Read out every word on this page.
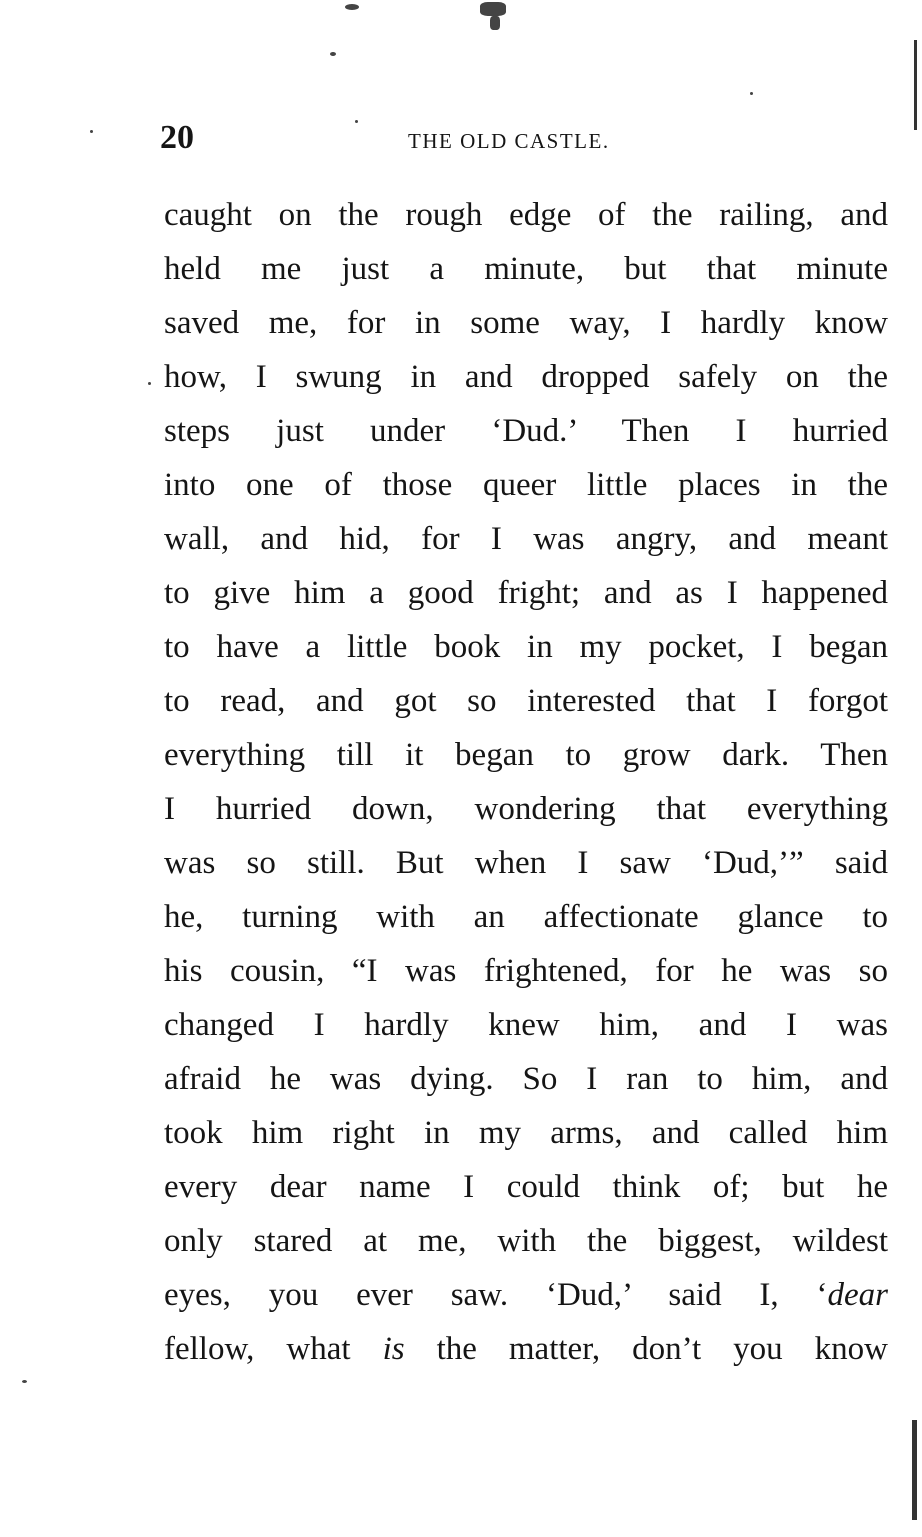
20	THE OLD CASTLE.
caught on the rough edge of the railing, and
held me just a minute, but that minute
saved me, for in some way, I hardly know
how, I swung in and dropped safely on the
steps just under ‘Dud.’ Then I hurried
into one of those queer little places in the
wall, and hid, for I was angry, and meant
to give him a good fright; and as I happened
to have a little book in my pocket, I began
to read, and got so interested that I forgot
everything till it began to grow dark. Then
I hurried down, wondering that everything
was so still. But when I saw ‘Dud,’” said
he, turning with an affectionate glance to
his cousin, “I was frightened, for he was so
changed I hardly knew him, and I was
afraid he was dying. So I ran to him, and
took him right in my arms, and called him
every dear name I could think of; but he
only stared at me, with the biggest, wildest
eyes, you ever saw. ‘Dud,’ said I, ‘dear
fellow, what is the matter, don’t you know
